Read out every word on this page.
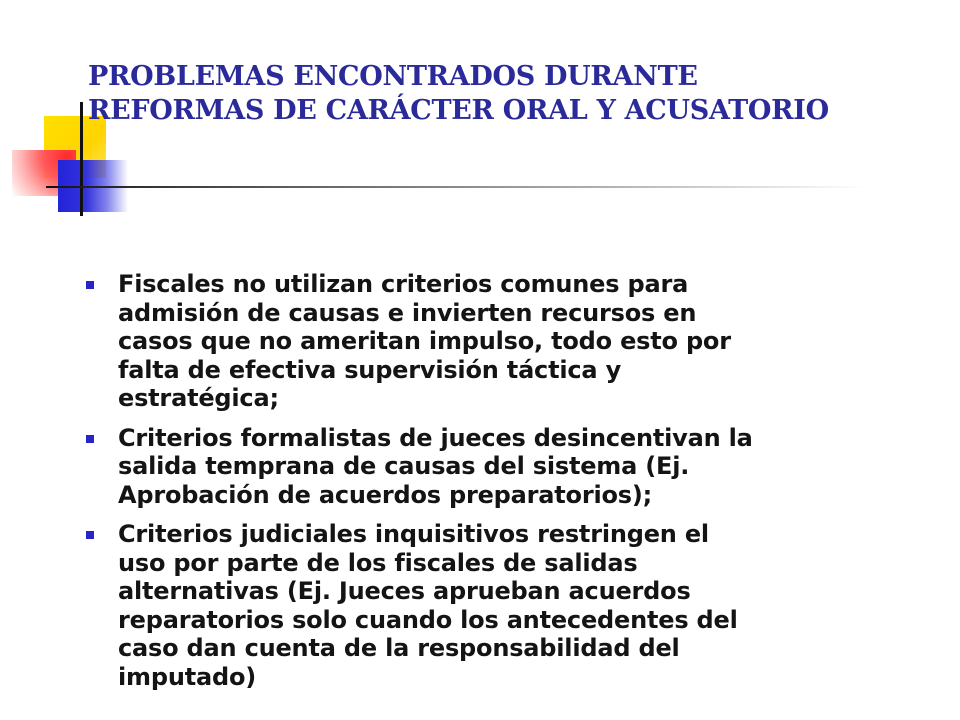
PROBLEMAS ENCONTRADOS DURANTE
REFORMAS DE CARÁCTER ORAL Y ACUSATORIO
Fiscales no utilizan criterios comunes para
admisión de causas e invierten recursos en
casos que no ameritan impulso, todo esto por
falta de efectiva supervisión táctica y
estratégica;
Criterios formalistas de jueces desincentivan la
salida temprana de causas del sistema (Ej.
Aprobación de acuerdos preparatorios);
Criterios judiciales inquisitivos restringen el
uso por parte de los fiscales de salidas
alternativas (Ej. Jueces aprueban acuerdos
reparatorios solo cuando los antecedentes del
caso dan cuenta de la responsabilidad del
imputado)
